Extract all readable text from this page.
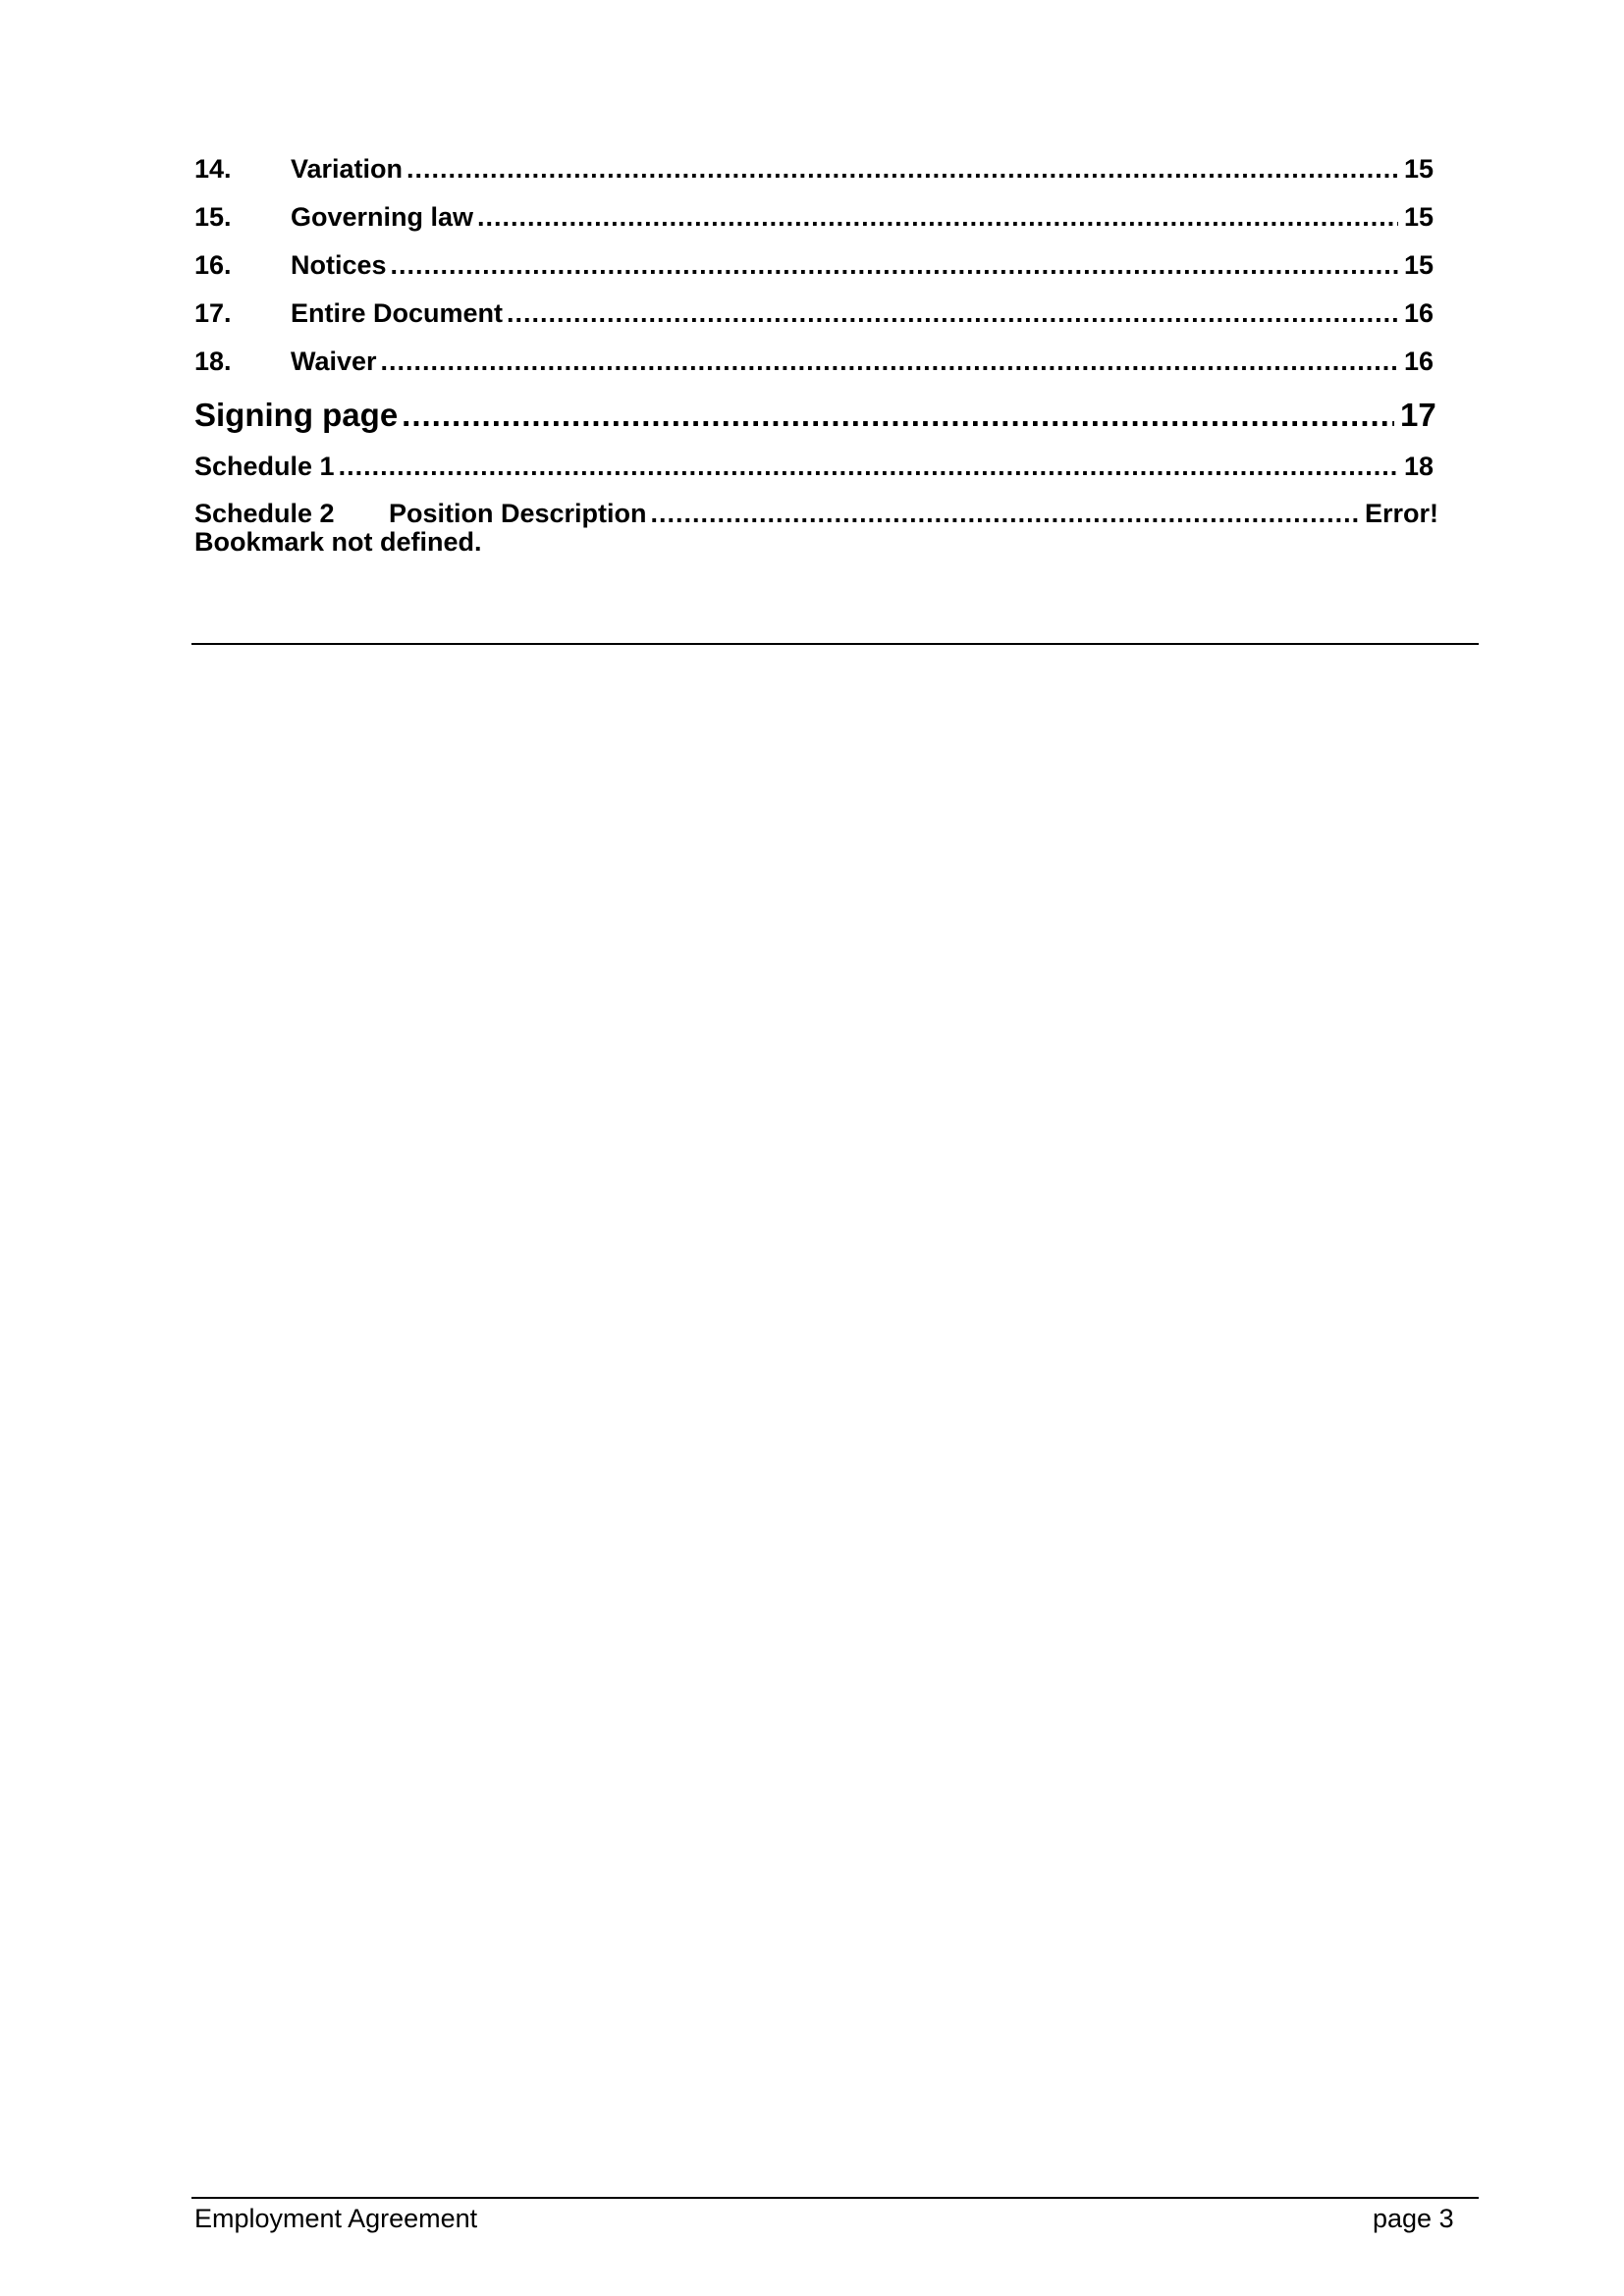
14.	Variation .....	15
15.	Governing law .....	15
16.	Notices .....	15
17.	Entire Document .....	16
18.	Waiver .....	16
Signing page .....	17
Schedule 1 .....	18
Schedule 2	Position Description .....	Error!
Bookmark not defined.
Employment Agreement	page 3
